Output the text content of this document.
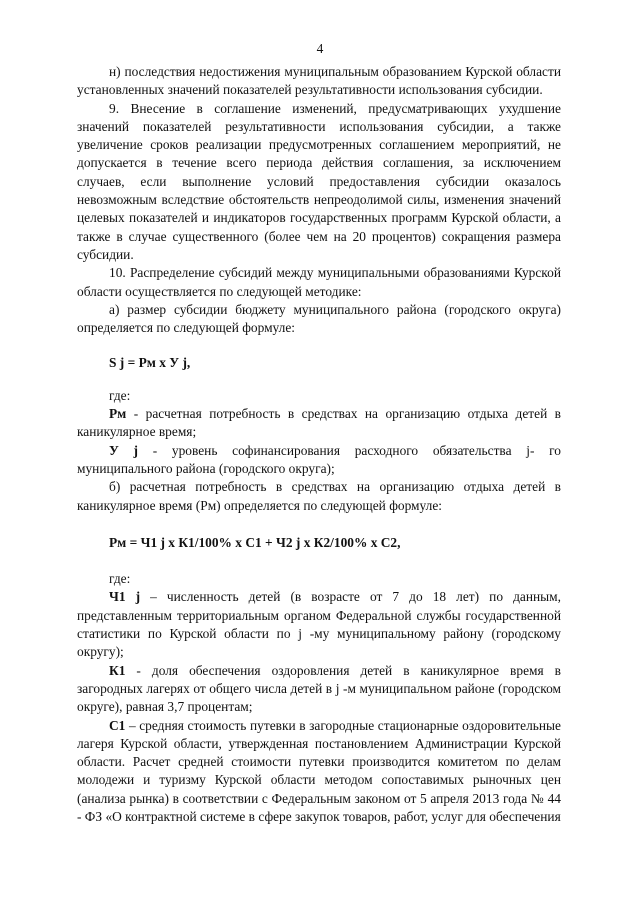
4

н) последствия недостижения муниципальным образованием Курской области установленных значений показателей результативности использования субсидии.

9. Внесение в соглашение изменений, предусматривающих ухудшение значений показателей результативности использования субсидии, а также увеличение сроков реализации предусмотренных соглашением мероприятий, не допускается в течение всего периода действия соглашения, за исключением случаев, если выполнение условий предоставления субсидии оказалось невозможным вследствие обстоятельств непреодолимой силы, изменения значений целевых показателей и индикаторов государственных программ Курской области, а также в случае существенного (более чем на 20 процентов) сокращения размера субсидии.

10. Распределение субсидий между муниципальными образованиями Курской области осуществляется по следующей методике:

а) размер субсидии бюджету муниципального района (городского округа) определяется по следующей формуле:

S j = Pм x У j,

где:

Pм - расчетная потребность в средствах на организацию отдыха детей в каникулярное время;

У j - уровень софинансирования расходного обязательства j- го муниципального района (городского округа);

б) расчетная потребность в средствах на организацию отдыха детей в каникулярное время (Pм) определяется по следующей формуле:

Pм = Ч1 j x К1/100% x С1 + Ч2 j x К2/100% x С2,

где:

Ч1 j – численность детей (в возрасте от 7 до 18 лет) по данным, представленным территориальным органом Федеральной службы государственной статистики по Курской области по j -му муниципальному району (городскому округу);

К1 - доля обеспечения оздоровления детей в каникулярное время в загородных лагерях от общего числа детей в j -м муниципальном районе (городском округе), равная 3,7 процентам;

С1 – средняя стоимость путевки в загородные стационарные оздоровительные лагеря Курской области, утвержденная постановлением Администрации Курской области. Расчет средней стоимости путевки производится комитетом по делам молодежи и туризму Курской области методом сопоставимых рыночных цен (анализа рынка) в соответствии с Федеральным законом от 5 апреля 2013 года № 44 - ФЗ «О контрактной системе в сфере закупок товаров, работ, услуг для обеспечения
